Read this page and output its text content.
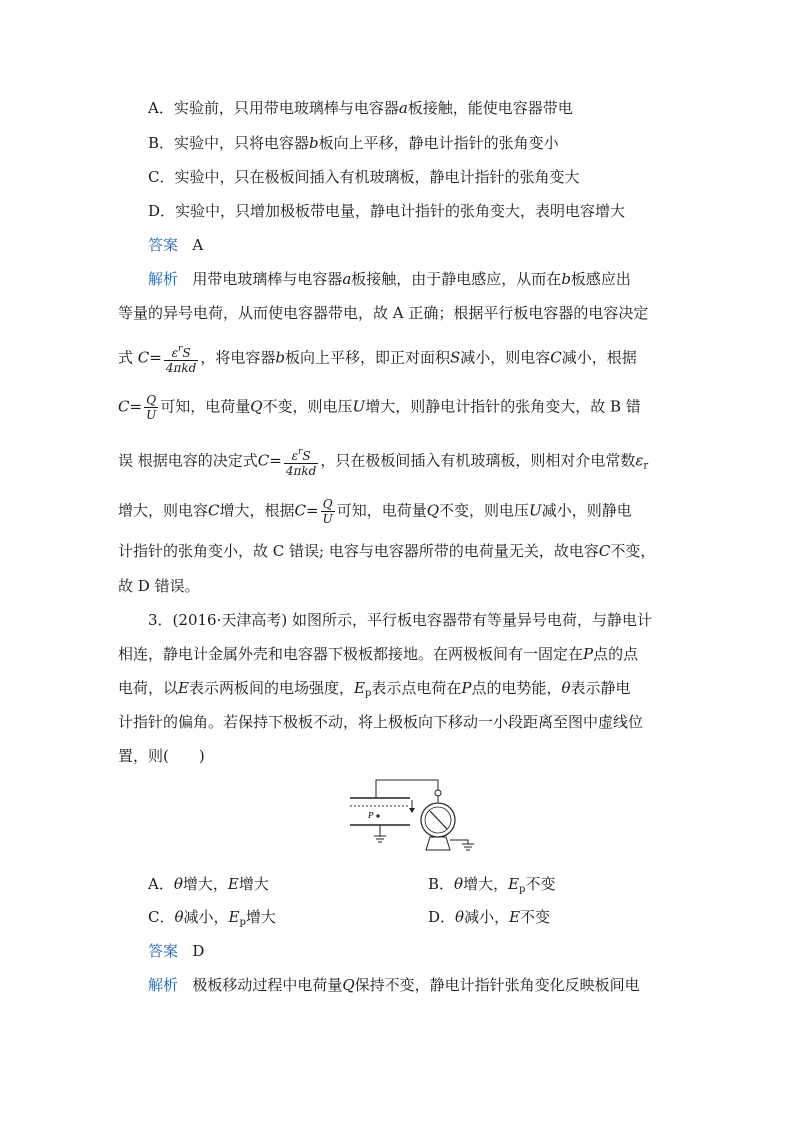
A．实验前，只用带电玻璃棒与电容器a板接触，能使电容器带电
B．实验中，只将电容器b板向上平移，静电计指针的张角变小
C．实验中，只在极板间插入有机玻璃板，静电计指针的张角变大
D．实验中，只增加极板带电量，静电计指针的张角变大，表明电容增大
答案 A
解析 用带电玻璃棒与电容器a板接触，由于静电感应，从而在b板感应出
等量的异号电荷，从而使电容器带电，故 A 正确；根据平行板电容器的电容决定
式 $C= \frac{\varepsilon^rS}{\text{4πkd}}$ ，将电容器b板向上平移，即正对面积S减小，则电容C减小，根据
$C= \frac{Q}{U}$ 可知，电荷量Q不变，则电压U增大，则静电计指针的张角变大，故 B 错
误 根据电容的决定式$C= \frac{\varepsilon^rS}{\text{4πkd}}$ ，只在极板间插入有机玻璃板，则相对介电常数$\varepsilon_r$
增大，则电容C增大，根据$C= \frac{Q}{U}$ 可知，电荷量Q不变，则电压U减小，则静电
计指针的张角变小，故 C 错误; 电容与电容器所带的电荷量无关，故电容C不变，
故 D 错误。
3．(2016·天津高考) 如图所示，平行板电容器带有等量异号电荷，与静电计
相连，静电计金属外壳和电容器下极板都接地。在两极板间有一固定在P点的点
电荷，以E表示两板间的电场强度，$E_p$表示点电荷在P点的电势能，θ表示静电
计指针的偏角。若保持下极板不动，将上极板向下移动一小段距离至图中虚线位
置，则(　　)
P
A．θ增大，E增大	B．θ增大，$E_p$不变
C．θ减小，$E_p$增大	D．θ减小，E不变
答案 D
解析 极板移动过程中电荷量Q保持不变，静电计指针张角变化反映板间电
